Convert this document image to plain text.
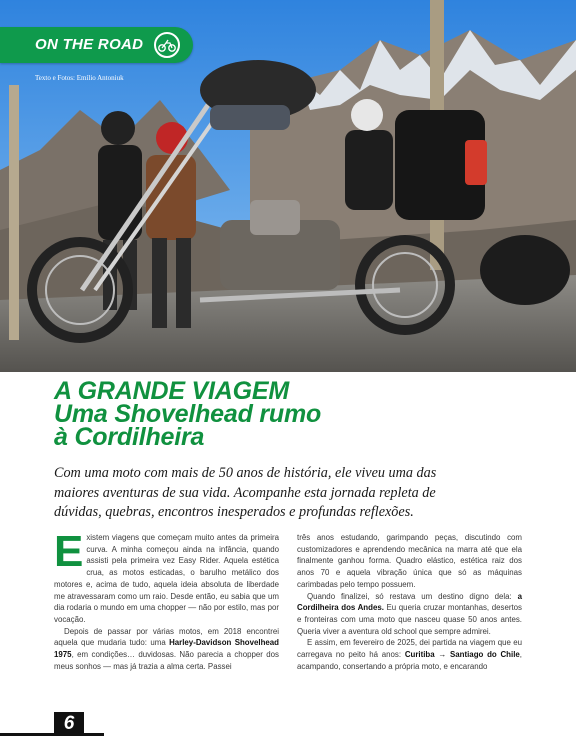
ON THE ROAD
Texto e Fotos: Emílio Antoniuk
A GRANDE VIAGEM
Uma Shovelhead rumo
à Cordilheira

Com uma moto com mais de 50 anos de história, ele viveu uma das maiores aventuras de sua vida. Acompanhe esta jornada repleta de dúvidas, quebras, encontros inesperados e profundas reflexões.

Existem viagens que começam muito antes da primeira curva. A minha começou ainda na infância, quando assisti pela primeira vez Easy Rider. Aquela estética crua, as motos esticadas, o barulho metálico dos motores e, acima de tudo, aquela ideia absoluta de liberdade me atravessaram como um raio. Desde então, eu sabia que um dia rodaria o mundo em uma chopper — não por estilo, mas por vocação.

Depois de passar por várias motos, em 2018 encontrei aquela que mudaria tudo: uma Harley-Davidson Shovelhead 1975, em condições… duvidosas. Não parecia a chopper dos meus sonhos — mas já trazia a alma certa. Passei

três anos estudando, garimpando peças, discutindo com customizadores e aprendendo mecânica na marra até que ela finalmente ganhou forma. Quadro elástico, estética raiz dos anos 70 e aquela vibração única que só as máquinas carimbadas pelo tempo possuem.

Quando finalizei, só restava um destino digno dela: a Cordilheira dos Andes. Eu queria cruzar montanhas, desertos e fronteiras com uma moto que nasceu quase 50 anos antes. Queria viver a aventura old school que sempre admirei.

E assim, em fevereiro de 2025, dei partida na viagem que eu carregava no peito há anos: Curitiba → Santiago do Chile, acampando, consertando a própria moto, e encarando

6
